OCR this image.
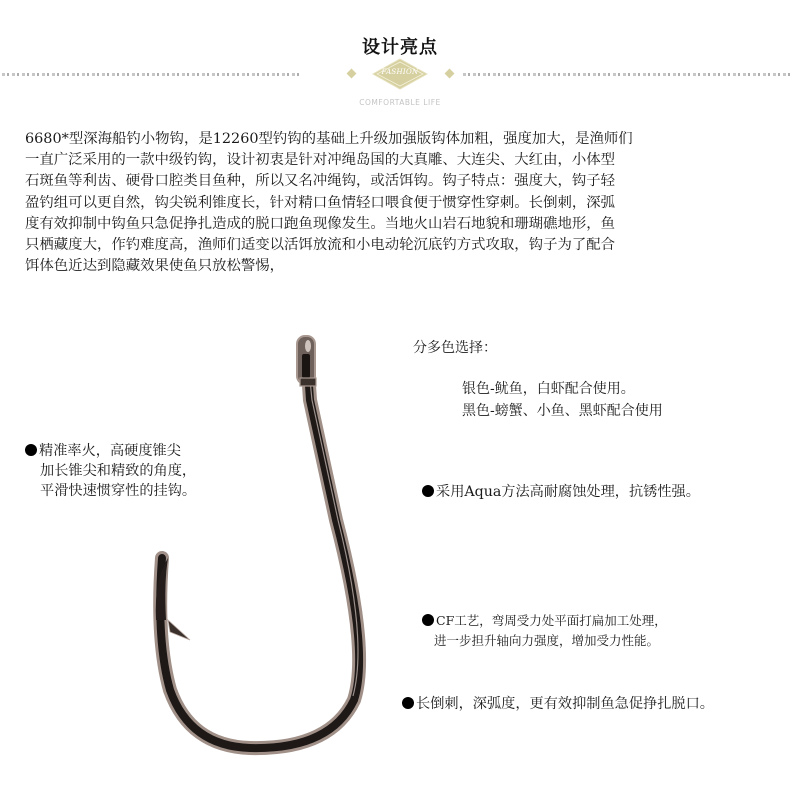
设计亮点
FASHION
COMFORTABLE LIFE
6680*型深海船钓小物钩，是12260型钓钩的基础上升级加强版钩体加粗，强度加大，是渔师们
一直广泛采用的一款中级钓钩，设计初衷是针对冲绳岛国的大真雕、大连尖、大红由，小体型
石斑鱼等利齿、硬骨口腔类目鱼种，所以又名冲绳钩，或活饵钩。钩子特点：强度大，钩子轻
盈钓组可以更自然，钩尖锐利锥度长，针对精口鱼情轻口喂食便于惯穿性穿刺。长倒刺，深弧
度有效抑制中钩鱼只急促挣扎造成的脱口跑鱼现像发生。当地火山岩石地貌和珊瑚礁地形，鱼
只栖藏度大，作钓难度高，渔师们适变以活饵放流和小电动轮沉底钓方式攻取，钩子为了配合
饵体色近达到隐藏效果使鱼只放松警惕，
分多色选择：
银色-鱿鱼，白虾配合使用。
黑色-螃蟹、小鱼、黑虾配合使用
精准率火，高硬度锥尖
加长锥尖和精致的角度，
平滑快速惯穿性的挂钩。	采用Aqua方法高耐腐蚀处理，抗锈性强。
CF工艺，弯周受力处平面打扁加工处理，
进一步担升轴向力强度，增加受力性能。
长倒刺，深弧度，更有效抑制鱼急促挣扎脱口。
